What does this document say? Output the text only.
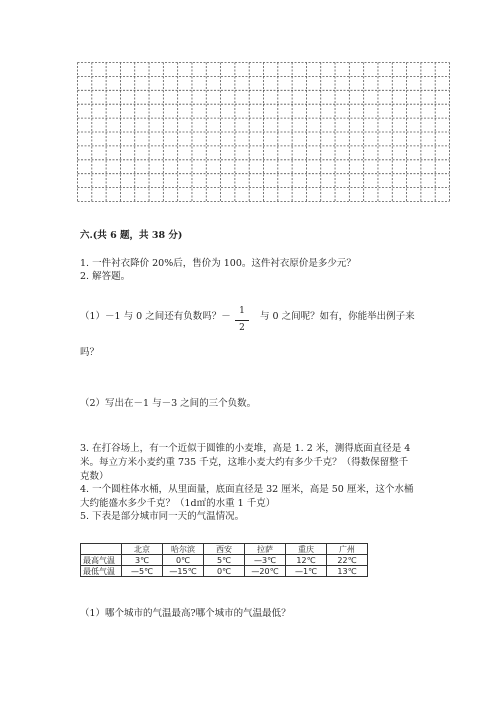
六.(共 6 题，共 38 分)
1. 一件衬衣降价 20%后，售价为 100。这件衬衣原价是多少元？
2. 解答题。
（1）－1 与 0 之间还有负数吗？－ 1
2
与 0 之间呢？如有，你能举出例子来
吗？
（2）写出在－1 与－3 之间的三个负数。
3. 在打谷场上，有一个近似于圆锥的小麦堆，高是 1. 2 米，测得底面直径是 4
米。每立方米小麦约重 735 千克，这堆小麦大约有多少千克？（得数保留整千
克数）
4. 一个圆柱体水桶，从里面量，底面直径是 32 厘米，高是 50 厘米，这个水桶
大约能盛水多少千克？（1d㎡的水重 1 千克）
5. 下表是部分城市同一天的气温情况。
	北京	哈尔滨	西安	拉萨	重庆	广州
最高气温	3℃	0℃	5℃	—3℃	12℃	22℃
最低气温	—5℃	—15℃	0℃	—20℃	—1℃	13℃
（1）哪个城市的气温最高?哪个城市的气温最低？
